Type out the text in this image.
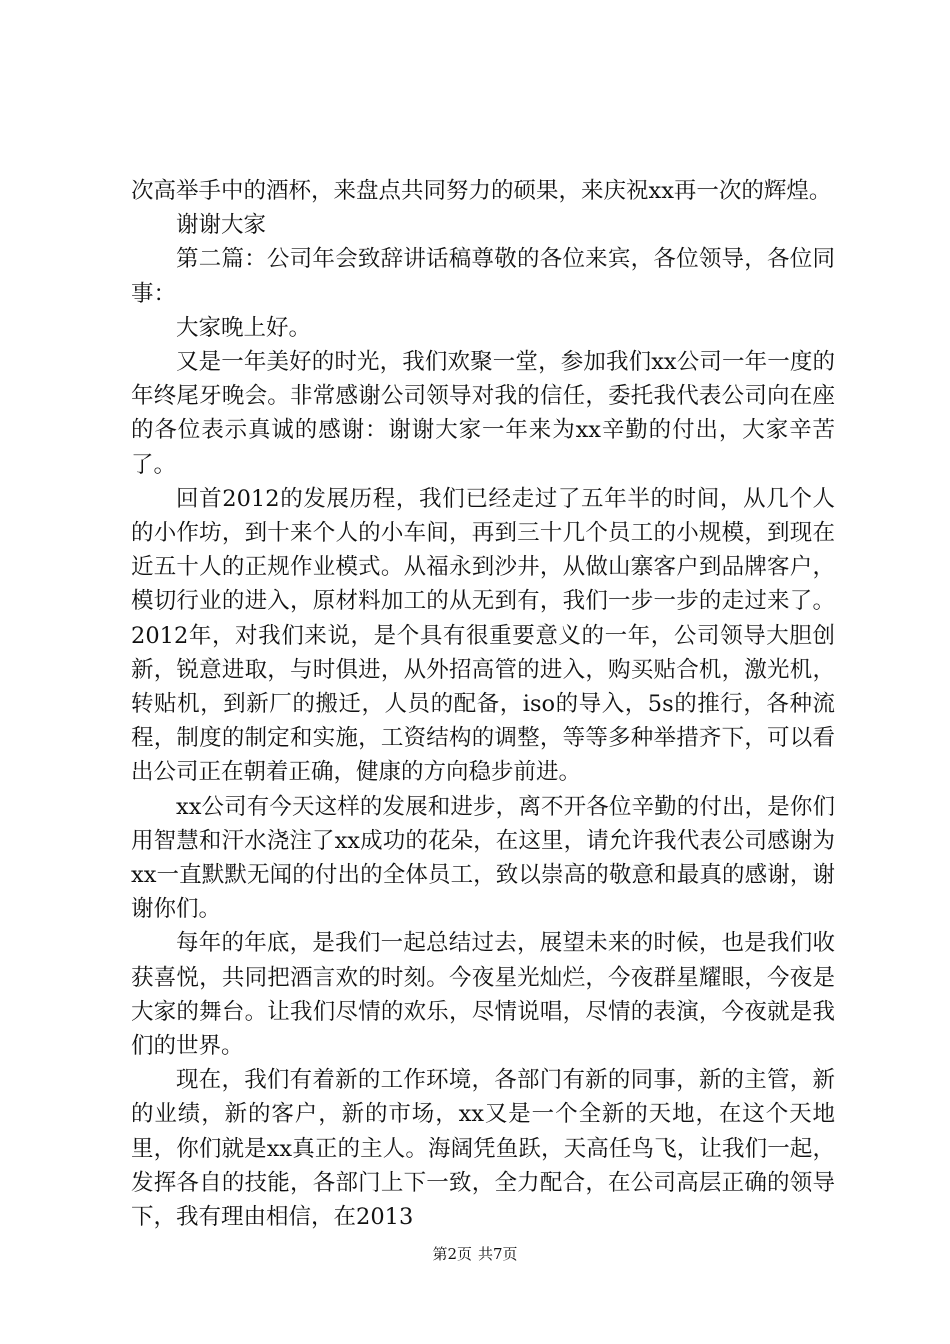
次高举手中的酒杯，来盘点共同努力的硕果，来庆祝xx再一次的辉煌。

谢谢大家

第二篇：公司年会致辞讲话稿尊敬的各位来宾，各位领导，各位同事：

大家晚上好。

又是一年美好的时光，我们欢聚一堂，参加我们xx公司一年一度的年终尾牙晚会。非常感谢公司领导对我的信任，委托我代表公司向在座的各位表示真诚的感谢：谢谢大家一年来为xx辛勤的付出，大家辛苦了。

回首2012的发展历程，我们已经走过了五年半的时间，从几个人的小作坊，到十来个人的小车间，再到三十几个员工的小规模，到现在近五十人的正规作业模式。从福永到沙井，从做山寨客户到品牌客户，模切行业的进入，原材料加工的从无到有，我们一步一步的走过来了。2012年，对我们来说，是个具有很重要意义的一年，公司领导大胆创新，锐意进取，与时俱进，从外招高管的进入，购买贴合机，激光机，转贴机，到新厂的搬迁，人员的配备，iso的导入，5s的推行，各种流程，制度的制定和实施，工资结构的调整，等等多种举措齐下，可以看出公司正在朝着正确，健康的方向稳步前进。

xx公司有今天这样的发展和进步，离不开各位辛勤的付出，是你们用智慧和汗水浇注了xx成功的花朵，在这里，请允许我代表公司感谢为xx一直默默无闻的付出的全体员工，致以崇高的敬意和最真的感谢，谢谢你们。

每年的年底，是我们一起总结过去，展望未来的时候，也是我们收获喜悦，共同把酒言欢的时刻。今夜星光灿烂，今夜群星耀眼，今夜是大家的舞台。让我们尽情的欢乐，尽情说唱，尽情的表演，今夜就是我们的世界。

现在，我们有着新的工作环境，各部门有新的同事，新的主管，新的业绩，新的客户，新的市场，xx又是一个全新的天地，在这个天地里，你们就是xx真正的主人。海阔凭鱼跃，天高任鸟飞，让我们一起，发挥各自的技能，各部门上下一致，全力配合，在公司高层正确的领导下，我有理由相信，在2013

第2页 共7页
